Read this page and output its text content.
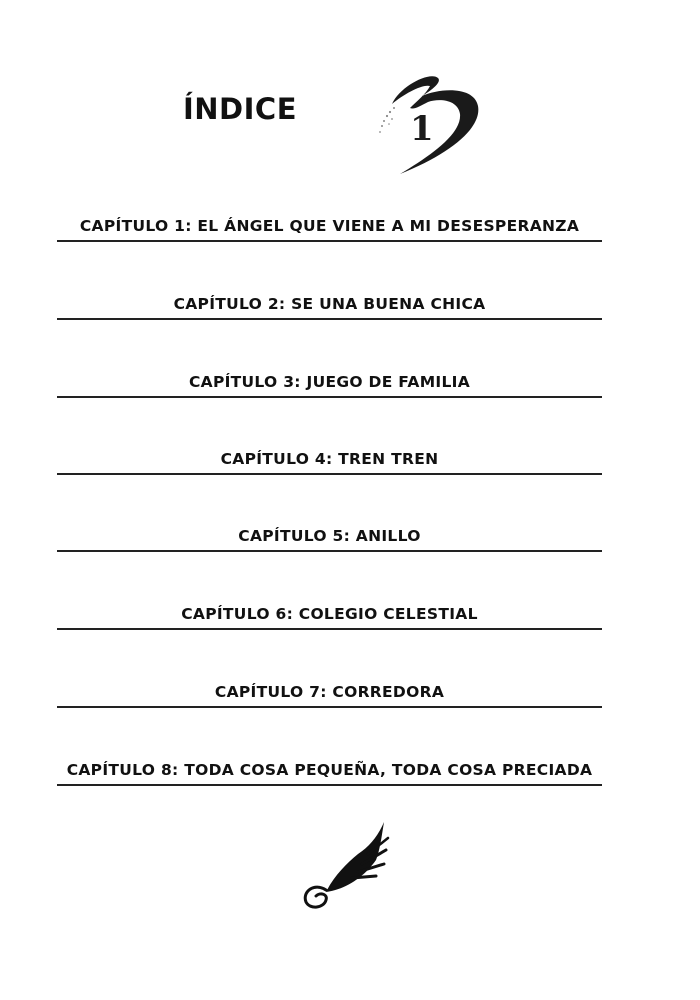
ÍNDICE	1
CAPÍTULO 1: EL ÁNGEL QUE VIENE A MI DESESPERANZA
CAPÍTULO 2: SE UNA BUENA CHICA
CAPÍTULO 3: JUEGO DE FAMILIA
CAPÍTULO 4: TREN TREN
CAPÍTULO 5: ANILLO
CAPÍTULO 6: COLEGIO CELESTIAL
CAPÍTULO 7: CORREDORA
CAPÍTULO 8: TODA COSA PEQUEÑA, TODA COSA PRECIADA
